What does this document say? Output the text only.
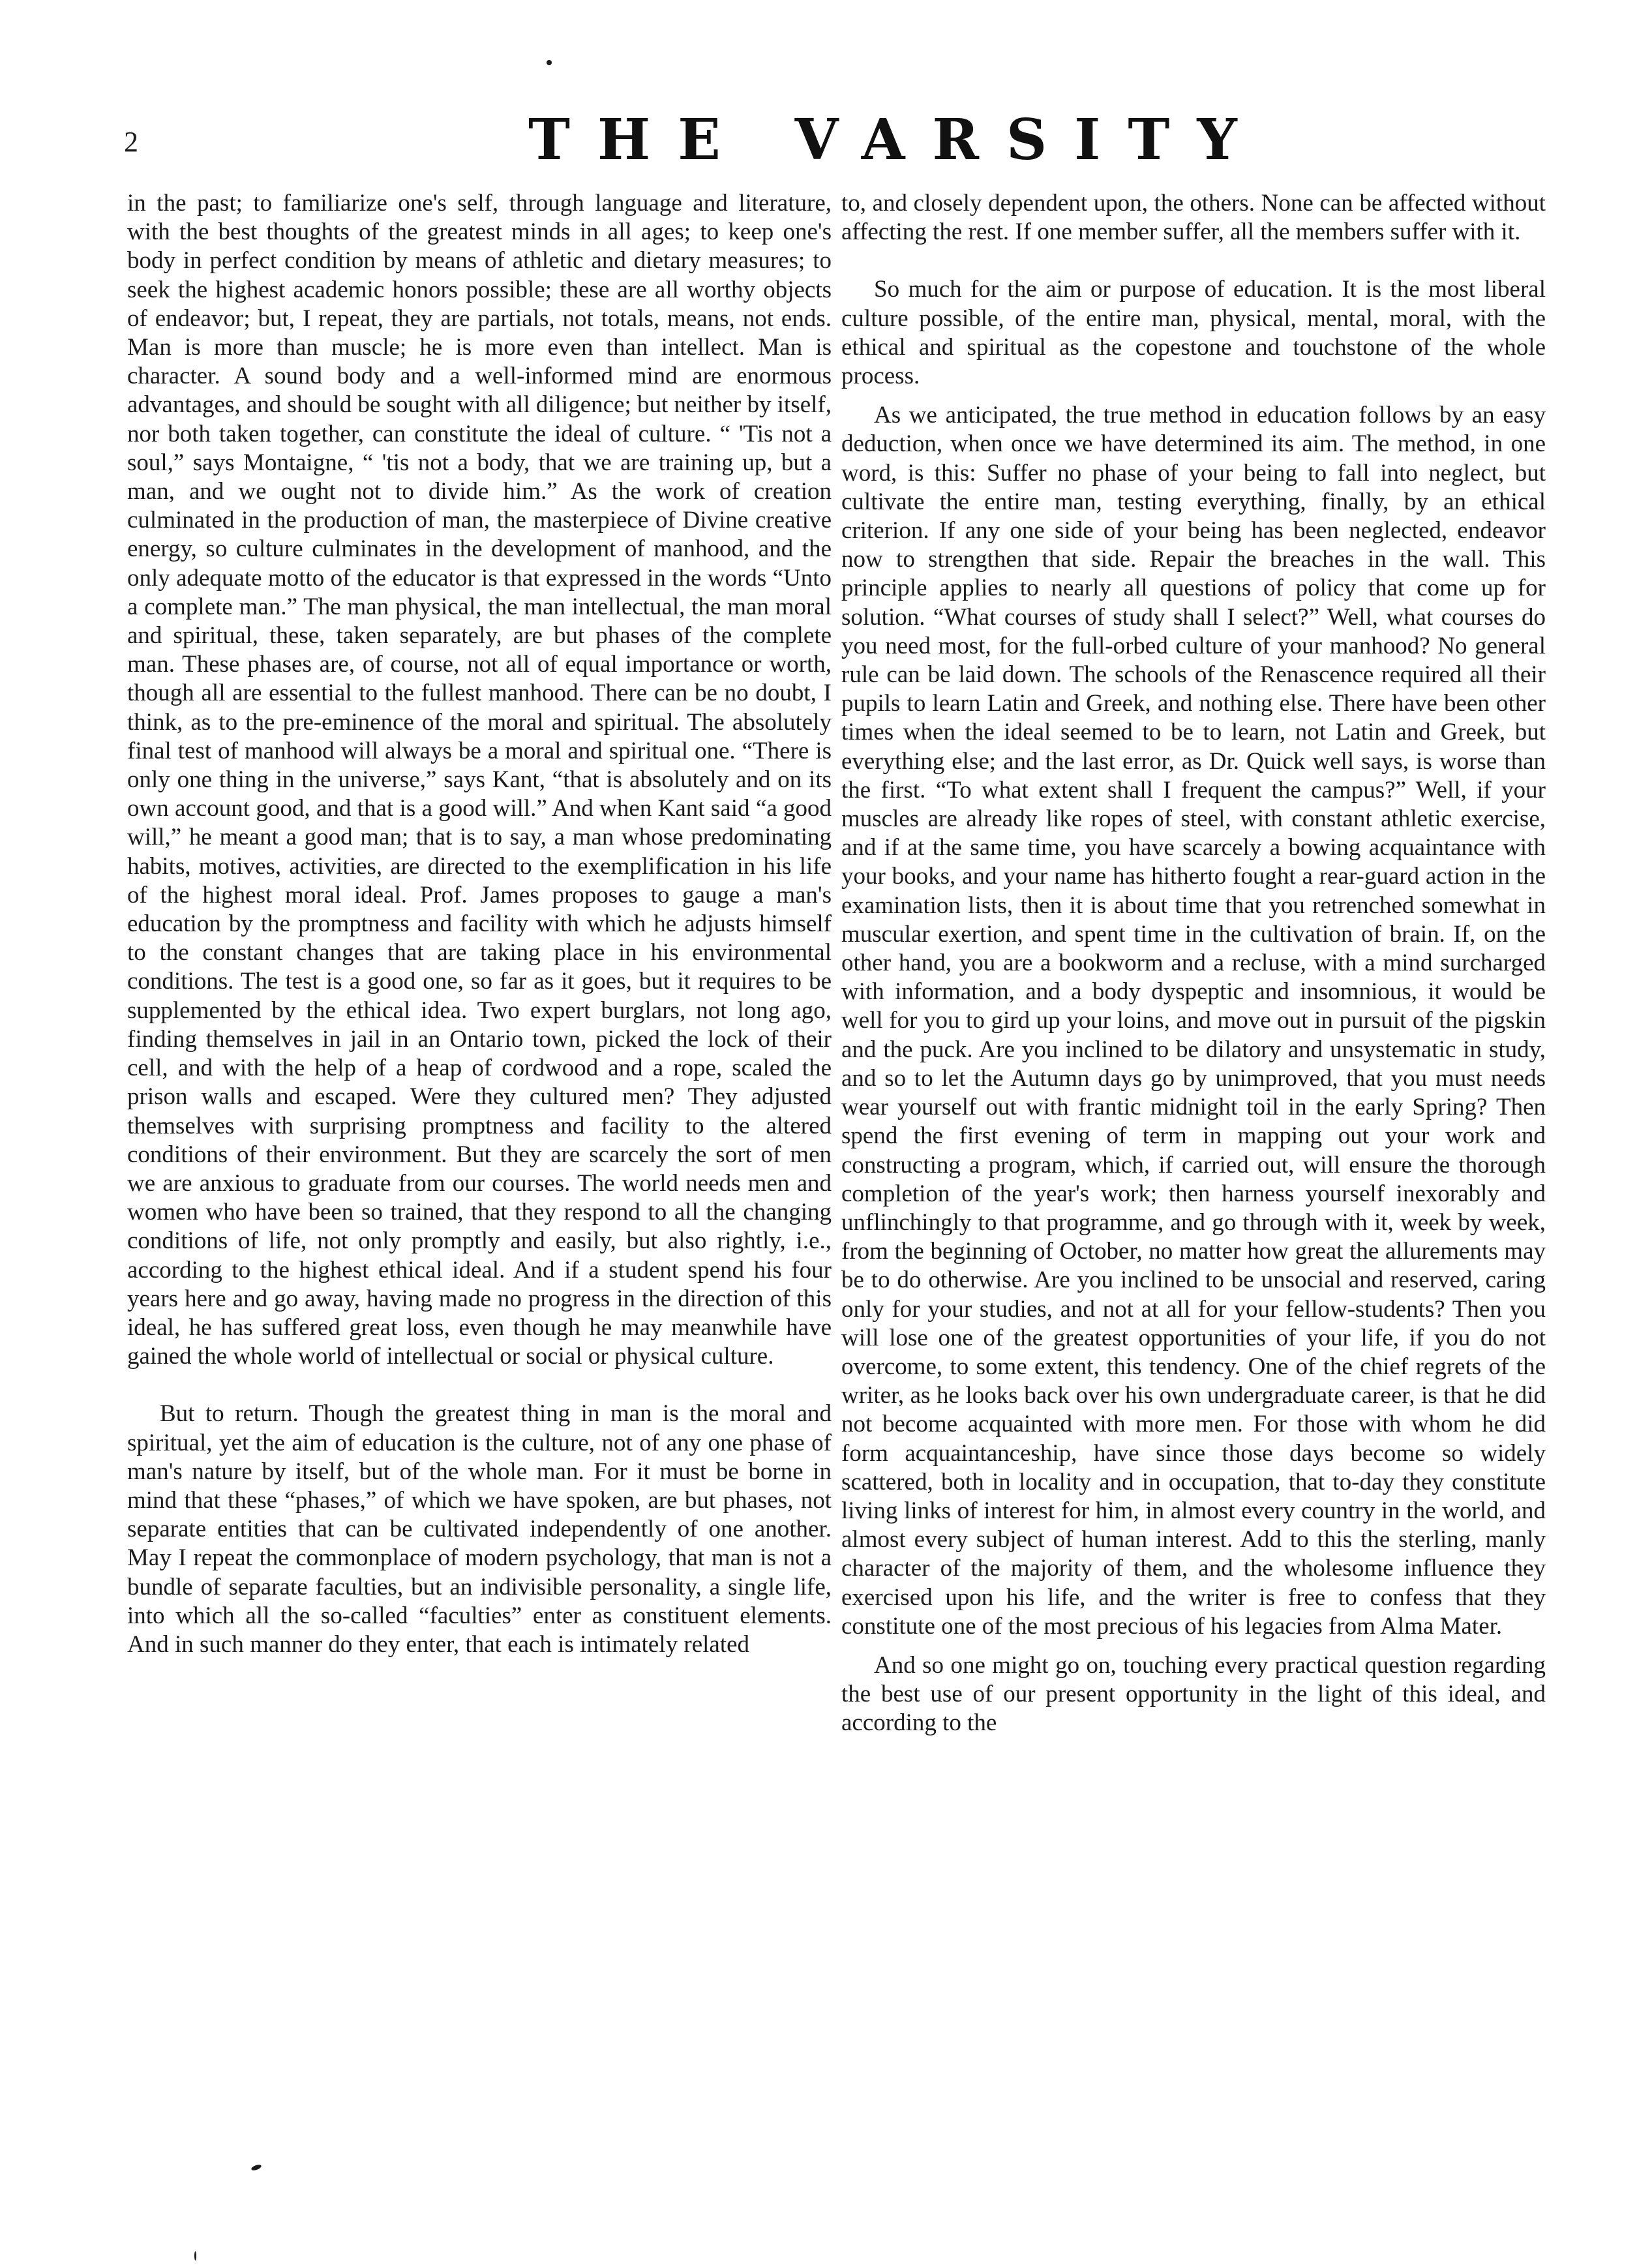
2	THE VARSITY

in the past; to familiarize one's self, through language and literature, with the best thoughts of the greatest minds in all ages; to keep one's body in perfect condition by means of athletic and dietary measures; to seek the highest academic honors possible; these are all worthy objects of endeavor; but, I repeat, they are partials, not totals, means, not ends. Man is more than muscle; he is more even than intellect. Man is character. A sound body and a well-informed mind are enormous advantages, and should be sought with all diligence; but neither by itself, nor both taken together, can constitute the ideal of culture. “ 'Tis not a soul,” says Montaigne, “ 'tis not a body, that we are training up, but a man, and we ought not to divide him.” As the work of creation culminated in the production of man, the masterpiece of Divine creative energy, so culture culminates in the development of manhood, and the only adequate motto of the educator is that expressed in the words “Unto a complete man.” The man physical, the man intellectual, the man moral and spiritual, these, taken separately, are but phases of the complete man. These phases are, of course, not all of equal importance or worth, though all are essential to the fullest manhood. There can be no doubt, I think, as to the pre-eminence of the moral and spiritual. The absolutely final test of manhood will always be a moral and spiritual one. “There is only one thing in the universe,” says Kant, “that is absolutely and on its own account good, and that is a good will.” And when Kant said “a good will,” he meant a good man; that is to say, a man whose predominating habits, motives, activities, are directed to the exemplification in his life of the highest moral ideal. Prof. James proposes to gauge a man's education by the promptness and facility with which he adjusts himself to the constant changes that are taking place in his environmental conditions. The test is a good one, so far as it goes, but it requires to be supplemented by the ethical idea. Two expert burglars, not long ago, finding themselves in jail in an Ontario town, picked the lock of their cell, and with the help of a heap of cordwood and a rope, scaled the prison walls and escaped. Were they cultured men? They adjusted themselves with surprising promptness and facility to the altered conditions of their environment. But they are scarcely the sort of men we are anxious to graduate from our courses. The world needs men and women who have been so trained, that they respond to all the changing conditions of life, not only promptly and easily, but also rightly, i.e., according to the highest ethical ideal. And if a student spend his four years here and go away, having made no progress in the direction of this ideal, he has suffered great loss, even though he may meanwhile have gained the whole world of intellectual or social or physical culture.

But to return. Though the greatest thing in man is the moral and spiritual, yet the aim of education is the culture, not of any one phase of man's nature by itself, but of the whole man. For it must be borne in mind that these “phases,” of which we have spoken, are but phases, not separate entities that can be cultivated independently of one another. May I repeat the commonplace of modern psychology, that man is not a bundle of separate faculties, but an indivisible personality, a single life, into which all the so-called “faculties” enter as constituent elements. And in such manner do they enter, that each is intimately related

to, and closely dependent upon, the others. None can be affected without affecting the rest. If one member suffer, all the members suffer with it.

So much for the aim or purpose of education. It is the most liberal culture possible, of the entire man, physical, mental, moral, with the ethical and spiritual as the copestone and touchstone of the whole process.

As we anticipated, the true method in education follows by an easy deduction, when once we have determined its aim. The method, in one word, is this: Suffer no phase of your being to fall into neglect, but cultivate the entire man, testing everything, finally, by an ethical criterion. If any one side of your being has been neglected, endeavor now to strengthen that side. Repair the breaches in the wall. This principle applies to nearly all questions of policy that come up for solution. “What courses of study shall I select?” Well, what courses do you need most, for the full-orbed culture of your manhood? No general rule can be laid down. The schools of the Renascence required all their pupils to learn Latin and Greek, and nothing else. There have been other times when the ideal seemed to be to learn, not Latin and Greek, but everything else; and the last error, as Dr. Quick well says, is worse than the first. “To what extent shall I frequent the campus?” Well, if your muscles are already like ropes of steel, with constant athletic exercise, and if at the same time, you have scarcely a bowing acquaintance with your books, and your name has hitherto fought a rear-guard action in the examination lists, then it is about time that you retrenched somewhat in muscular exertion, and spent time in the cultivation of brain. If, on the other hand, you are a bookworm and a recluse, with a mind surcharged with information, and a body dyspeptic and insomnious, it would be well for you to gird up your loins, and move out in pursuit of the pigskin and the puck. Are you inclined to be dilatory and unsystematic in study, and so to let the Autumn days go by unimproved, that you must needs wear yourself out with frantic midnight toil in the early Spring? Then spend the first evening of term in mapping out your work and constructing a program, which, if carried out, will ensure the thorough completion of the year's work; then harness yourself inexorably and unflinchingly to that programme, and go through with it, week by week, from the beginning of October, no matter how great the allurements may be to do otherwise. Are you inclined to be unsocial and reserved, caring only for your studies, and not at all for your fellow-students? Then you will lose one of the greatest opportunities of your life, if you do not overcome, to some extent, this tendency. One of the chief regrets of the writer, as he looks back over his own undergraduate career, is that he did not become acquainted with more men. For those with whom he did form acquaintanceship, have since those days become so widely scattered, both in locality and in occupation, that to-day they constitute living links of interest for him, in almost every country in the world, and almost every subject of human interest. Add to this the sterling, manly character of the majority of them, and the wholesome influence they exercised upon his life, and the writer is free to confess that they constitute one of the most precious of his legacies from Alma Mater.

And so one might go on, touching every practical question regarding the best use of our present opportunity in the light of this ideal, and according to the
